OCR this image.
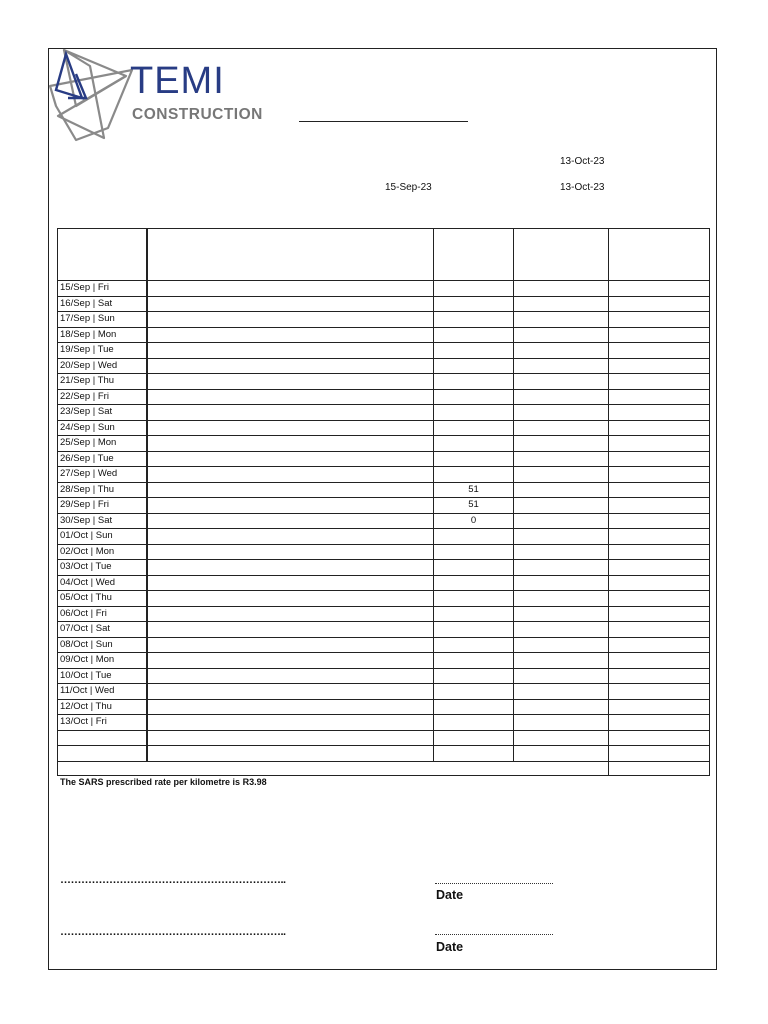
TEMI
CONSTRUCTION
13-Oct-23
15-Sep-23	13-Oct-23

15/Sep | Fri				
16/Sep | Sat				
17/Sep | Sun				
18/Sep | Mon				
19/Sep | Tue				
20/Sep | Wed				
21/Sep | Thu				
22/Sep | Fri				
23/Sep | Sat				
24/Sep | Sun				
25/Sep | Mon				
26/Sep | Tue				
27/Sep | Wed				
28/Sep | Thu		51		
29/Sep | Fri		51		
30/Sep | Sat		0		
01/Oct | Sun				
02/Oct | Mon				
03/Oct | Tue				
04/Oct | Wed				
05/Oct | Thu				
06/Oct | Fri				
07/Oct | Sat				
08/Oct | Sun				
09/Oct | Mon				
10/Oct | Tue				
11/Oct | Wed				
12/Oct | Thu				
13/Oct | Fri				

The SARS prescribed rate per kilometre is R3.98
………………………………………………………..
Date
………………………………………………………..
Date
